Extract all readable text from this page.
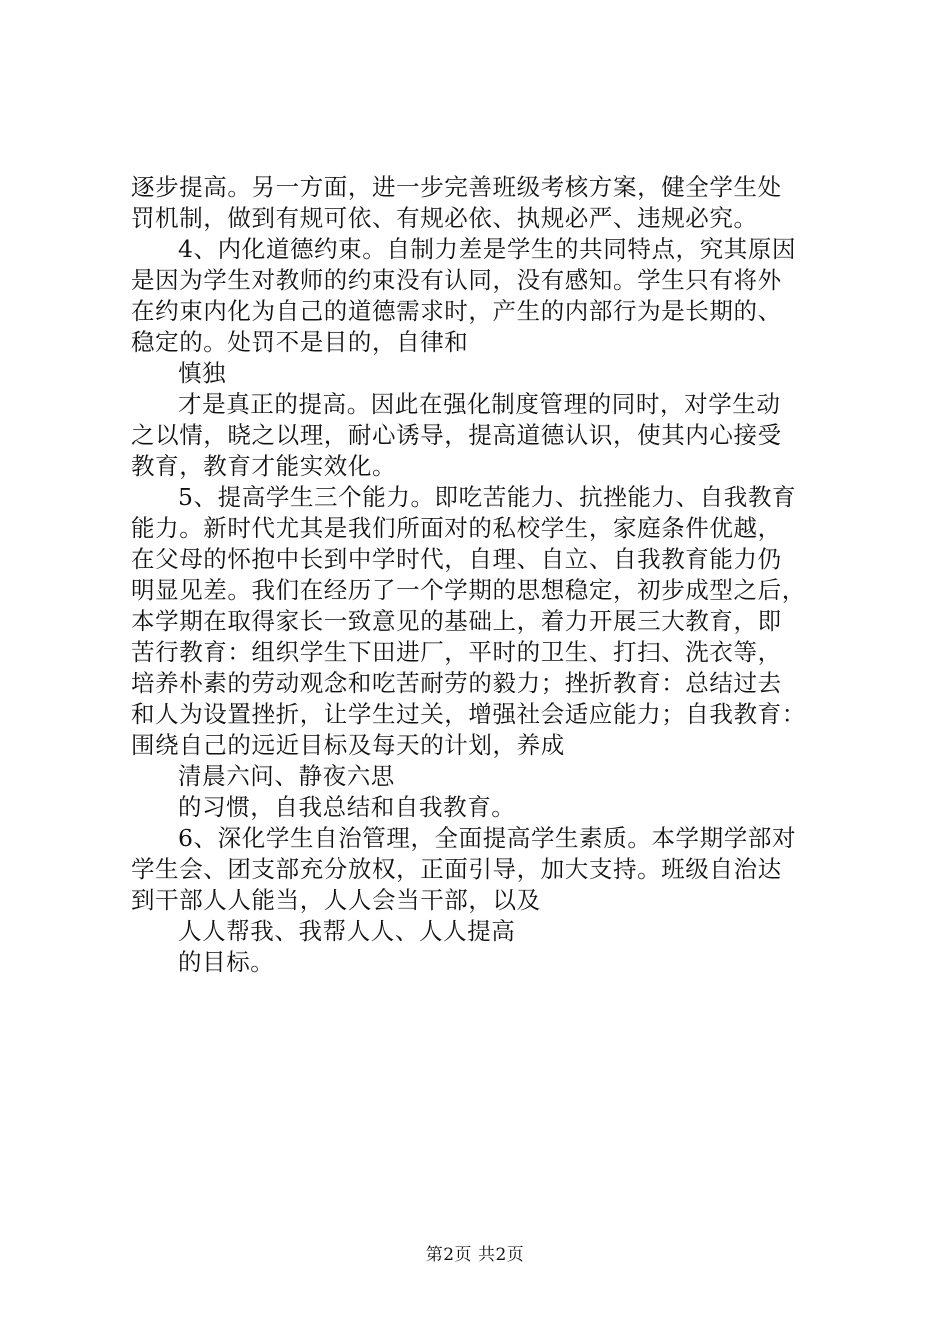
逐步提高。另一方面，进一步完善班级考核方案，健全学生处
罚机制，做到有规可依、有规必依、执规必严、违规必究。
4、内化道德约束。自制力差是学生的共同特点，究其原因
是因为学生对教师的约束没有认同，没有感知。学生只有将外
在约束内化为自己的道德需求时，产生的内部行为是长期的、
稳定的。处罚不是目的，自律和
慎独
才是真正的提高。因此在强化制度管理的同时，对学生动
之以情，晓之以理，耐心诱导，提高道德认识，使其内心接受
教育，教育才能实效化。
5、提高学生三个能力。即吃苦能力、抗挫能力、自我教育
能力。新时代尤其是我们所面对的私校学生，家庭条件优越，
在父母的怀抱中长到中学时代，自理、自立、自我教育能力仍
明显见差。我们在经历了一个学期的思想稳定，初步成型之后，
本学期在取得家长一致意见的基础上，着力开展三大教育，即
苦行教育：组织学生下田进厂，平时的卫生、打扫、洗衣等，
培养朴素的劳动观念和吃苦耐劳的毅力；挫折教育：总结过去
和人为设置挫折，让学生过关，增强社会适应能力；自我教育：
围绕自己的远近目标及每天的计划，养成
清晨六问、静夜六思
的习惯，自我总结和自我教育。
6、深化学生自治管理，全面提高学生素质。本学期学部对
学生会、团支部充分放权，正面引导，加大支持。班级自治达
到干部人人能当，人人会当干部，以及
人人帮我、我帮人人、人人提高
的目标。
第2页 共2页
